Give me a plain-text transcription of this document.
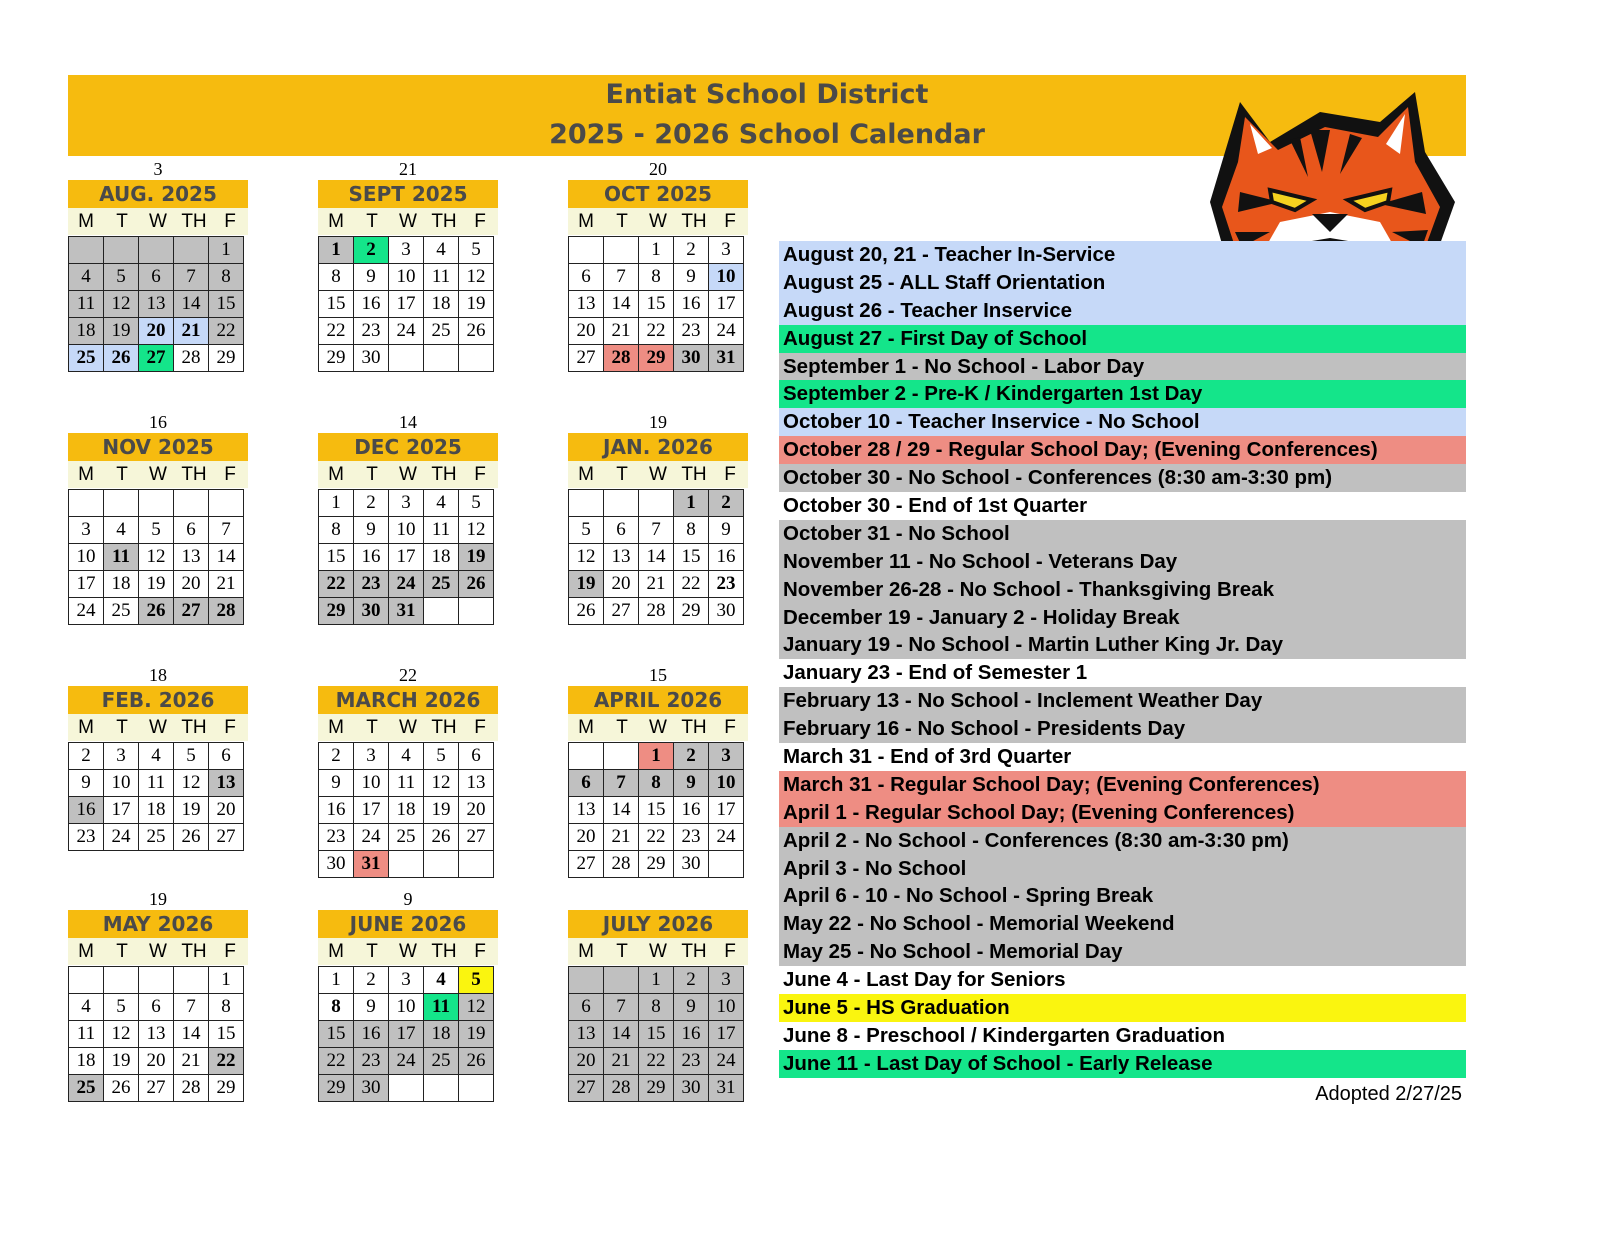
Entiat School District
2025 - 2026 School Calendar
3
AUG. 2025
M	T	W TH F
				1
4	5	6	7	8
11	12	13	14	15
18	19	20	21	22
25	26	27	28	29
21
SEPT 2025
M	T	W TH F
1	2	3	4	5
8	9	10	11	12
15	16	17	18	19
22	23	24	25	26
29	30			
20
OCT 2025
M	T	W TH F
		1	2	3
6	7	8	9	10
13	14	15	16	17
20	21	22	23	24
27	28	29	30	31
16
NOV 2025
M	T	W TH F

3	4	5	6	7
10	11	12	13	14
17	18	19	20	21
24	25	26	27	28
14
DEC 2025
M	T	W TH F
1	2	3	4	5
8	9	10	11	12
15	16	17	18	19
22	23	24	25	26
29	30	31		
19
JAN. 2026
M	T	W TH F
			1	2
5	6	7	8	9
12	13	14	15	16
19	20	21	22	23
26	27	28	29	30
18
FEB. 2026
M	T	W TH F
2	3	4	5	6
9	10	11	12	13
16	17	18	19	20
23	24	25	26	27
22
MARCH 2026
M	T	W TH F
2	3	4	5	6
9	10	11	12	13
16	17	18	19	20
23	24	25	26	27
30	31			
15
APRIL 2026
M	T	W TH F
		1	2	3
6	7	8	9	10
13	14	15	16	17
20	21	22	23	24
27	28	29	30	
19
MAY 2026
M	T	W TH F
				1
4	5	6	7	8
11	12	13	14	15
18	19	20	21	22
25	26	27	28	29
9
JUNE 2026
M	T	W TH F
1	2	3	4	5
8	9	10	11	12
15	16	17	18	19
22	23	24	25	26
29	30			
JULY 2026
M	T	W TH F
		1	2	3
6	7	8	9	10
13	14	15	16	17
20	21	22	23	24
27	28	29	30	31
August 20, 21 - Teacher In-Service
August 25 - ALL Staff Orientation
August 26 - Teacher Inservice
August 27 - First Day of School
September 1 - No School - Labor Day
September 2 - Pre-K / Kindergarten 1st Day
October 10 - Teacher Inservice - No School
October 28 / 29 - Regular School Day; (Evening Conferences)
October 30 - No School - Conferences (8:30 am-3:30 pm)
October 30 - End of 1st Quarter
October 31 - No School
November 11 - No School - Veterans Day
November 26-28 - No School - Thanksgiving Break
December 19 - January 2 - Holiday Break
January 19 - No School - Martin Luther King Jr. Day
January 23 - End of Semester 1
February 13 - No School - Inclement Weather Day
February 16 - No School - Presidents Day
March 31 - End of 3rd Quarter
March 31 - Regular School Day; (Evening Conferences)
April 1 - Regular School Day; (Evening Conferences)
April 2 - No School - Conferences (8:30 am-3:30 pm)
April 3 - No School
April 6 - 10 - No School - Spring Break
May 22 - No School - Memorial Weekend
May 25 - No School - Memorial Day
June 4 - Last Day for Seniors
June 5 - HS Graduation
June 8 - Preschool / Kindergarten Graduation
June 11 - Last Day of School - Early Release
Adopted 2/27/25
